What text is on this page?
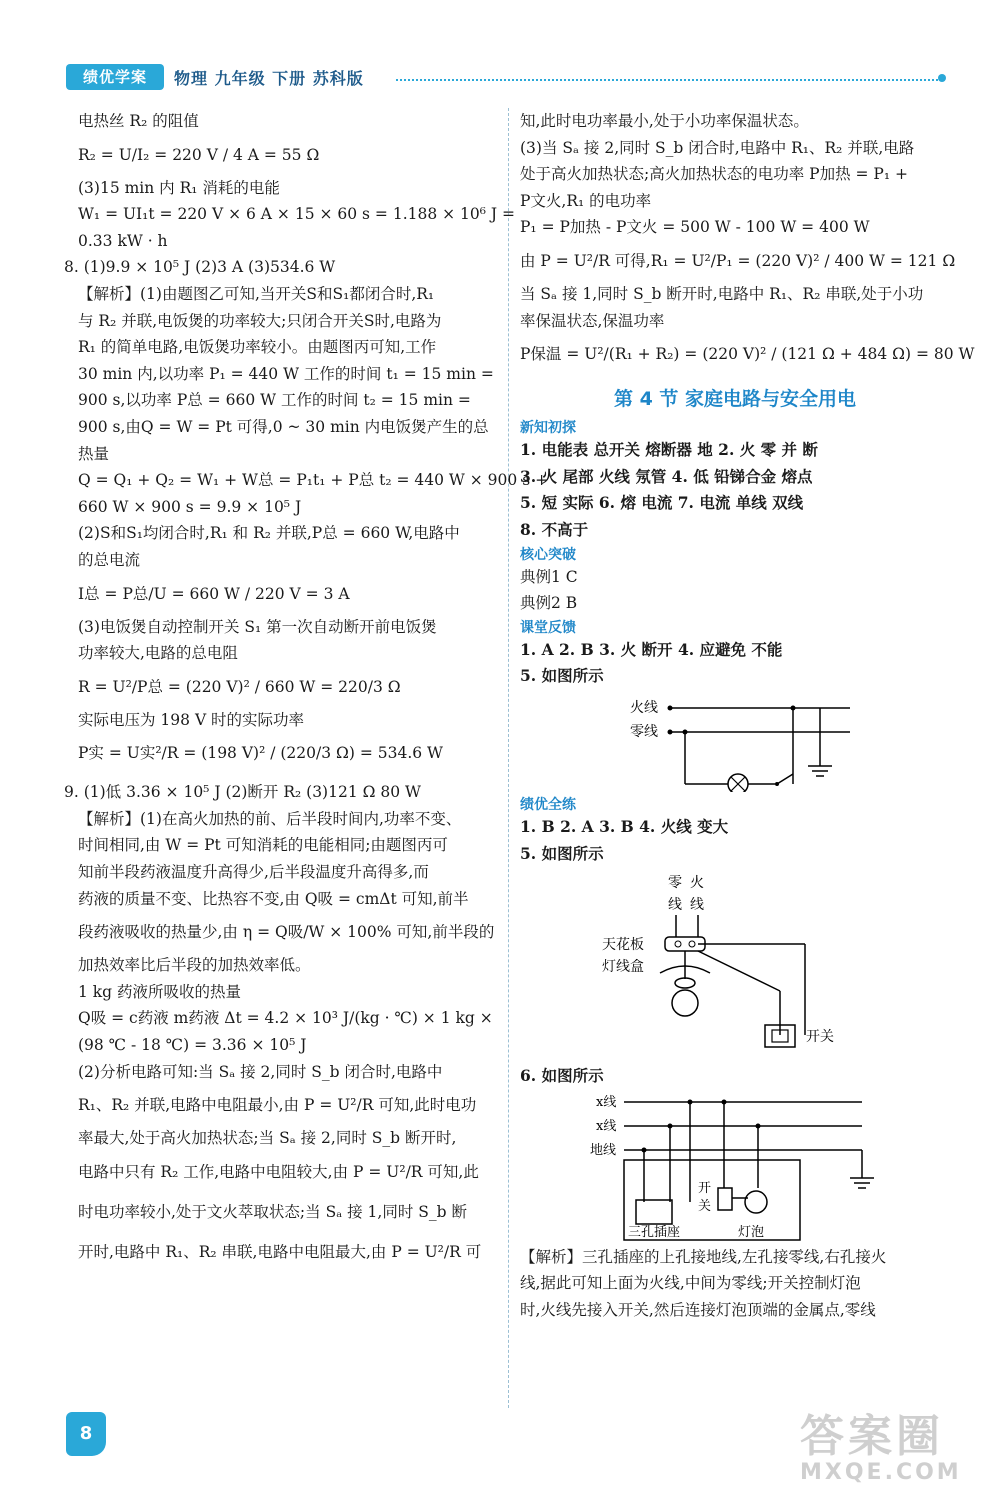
绩优学案	物理 九年级 下册 苏科版

电热丝 R₂ 的阻值

R₂ = U/I₂ = 220 V / 4 A = 55 Ω

(3)15 min 内 R₁ 消耗的电能

W₁ = UI₁t = 220 V × 6 A × 15 × 60 s = 1.188 × 10⁶ J =

0.33 kW · h

8. (1)9.9 × 10⁵ J (2)3 A (3)534.6 W

【解析】(1)由题图乙可知,当开关S和S₁都闭合时,R₁

与 R₂ 并联,电饭煲的功率较大;只闭合开关S时,电路为

R₁ 的简单电路,电饭煲功率较小。由题图丙可知,工作

30 min 内,以功率 P₁ = 440 W 工作的时间 t₁ = 15 min =

900 s,以功率 P总 = 660 W 工作的时间 t₂ = 15 min =

900 s,由Q = W = Pt 可得,0 ~ 30 min 内电饭煲产生的总

热量

Q = Q₁ + Q₂ = W₁ + W总 = P₁t₁ + P总 t₂ = 440 W × 900 s +

660 W × 900 s = 9.9 × 10⁵ J

(2)S和S₁均闭合时,R₁ 和 R₂ 并联,P总 = 660 W,电路中

的总电流

I总 = P总/U = 660 W / 220 V = 3 A

(3)电饭煲自动控制开关 S₁ 第一次自动断开前电饭煲

功率较大,电路的总电阻

R = U²/P总 = (220 V)² / 660 W = 220/3 Ω

实际电压为 198 V 时的实际功率

P实 = U实²/R = (198 V)² / (220/3 Ω) = 534.6 W

9. (1)低 3.36 × 10⁵ J (2)断开 R₂ (3)121 Ω 80 W

【解析】(1)在高火加热的前、后半段时间内,功率不变、

时间相同,由 W = Pt 可知消耗的电能相同;由题图丙可

知前半段药液温度升高得少,后半段温度升高得多,而

药液的质量不变、比热容不变,由 Q吸 = cmΔt 可知,前半

段药液吸收的热量少,由 η = Q吸/W × 100% 可知,前半段的

加热效率比后半段的加热效率低。

1 kg 药液所吸收的热量

Q吸 = c药液 m药液 Δt = 4.2 × 10³ J/(kg · ℃) × 1 kg ×

(98 ℃ - 18 ℃) = 3.36 × 10⁵ J

(2)分析电路可知:当 Sₐ 接 2,同时 S_b 闭合时,电路中

R₁、R₂ 并联,电路中电阻最小,由 P = U²/R 可知,此时电功

率最大,处于高火加热状态;当 Sₐ 接 2,同时 S_b 断开时,

电路中只有 R₂ 工作,电路中电阻较大,由 P = U²/R 可知,此

时电功率较小,处于文火萃取状态;当 Sₐ 接 1,同时 S_b 断

开时,电路中 R₁、R₂ 串联,电路中电阻最大,由 P = U²/R 可

知,此时电功率最小,处于小功率保温状态。

(3)当 Sₐ 接 2,同时 S_b 闭合时,电路中 R₁、R₂ 并联,电路

处于高火加热状态;高火加热状态的电功率 P加热 = P₁ +

P文火,R₁ 的电功率

P₁ = P加热 - P文火 = 500 W - 100 W = 400 W

由 P = U²/R 可得,R₁ = U²/P₁ = (220 V)² / 400 W = 121 Ω

当 Sₐ 接 1,同时 S_b 断开时,电路中 R₁、R₂ 串联,处于小功

率保温状态,保温功率

P保温 = U²/(R₁ + R₂) = (220 V)² / (121 Ω + 484 Ω) = 80 W

第 4 节 家庭电路与安全用电

新知初探

1. 电能表 总开关 熔断器 地 2. 火 零 并 断

3. 火 尾部 火线 氖管 4. 低 铅锑合金 熔点

5. 短 实际 6. 熔 电流 7. 电流 单线 双线

8. 不高于

核心突破

典例1 C

典例2 B

课堂反馈

1. A 2. B 3. 火 断开 4. 应避免 不能

5. 如图所示

火线
零线

绩优全练

1. B 2. A 3. B 4. 火线 变大

5. 如图所示

零 火
线 线
天花板
灯线盒
开关

6. 如图所示

x线
x线
地线
开
关
三孔插座	灯泡

【解析】三孔插座的上孔接地线,左孔接零线,右孔接火

线,据此可知上面为火线,中间为零线;开关控制灯泡

时,火线先接入开关,然后连接灯泡顶端的金属点,零线

8	答案圈
MXQE.COM
